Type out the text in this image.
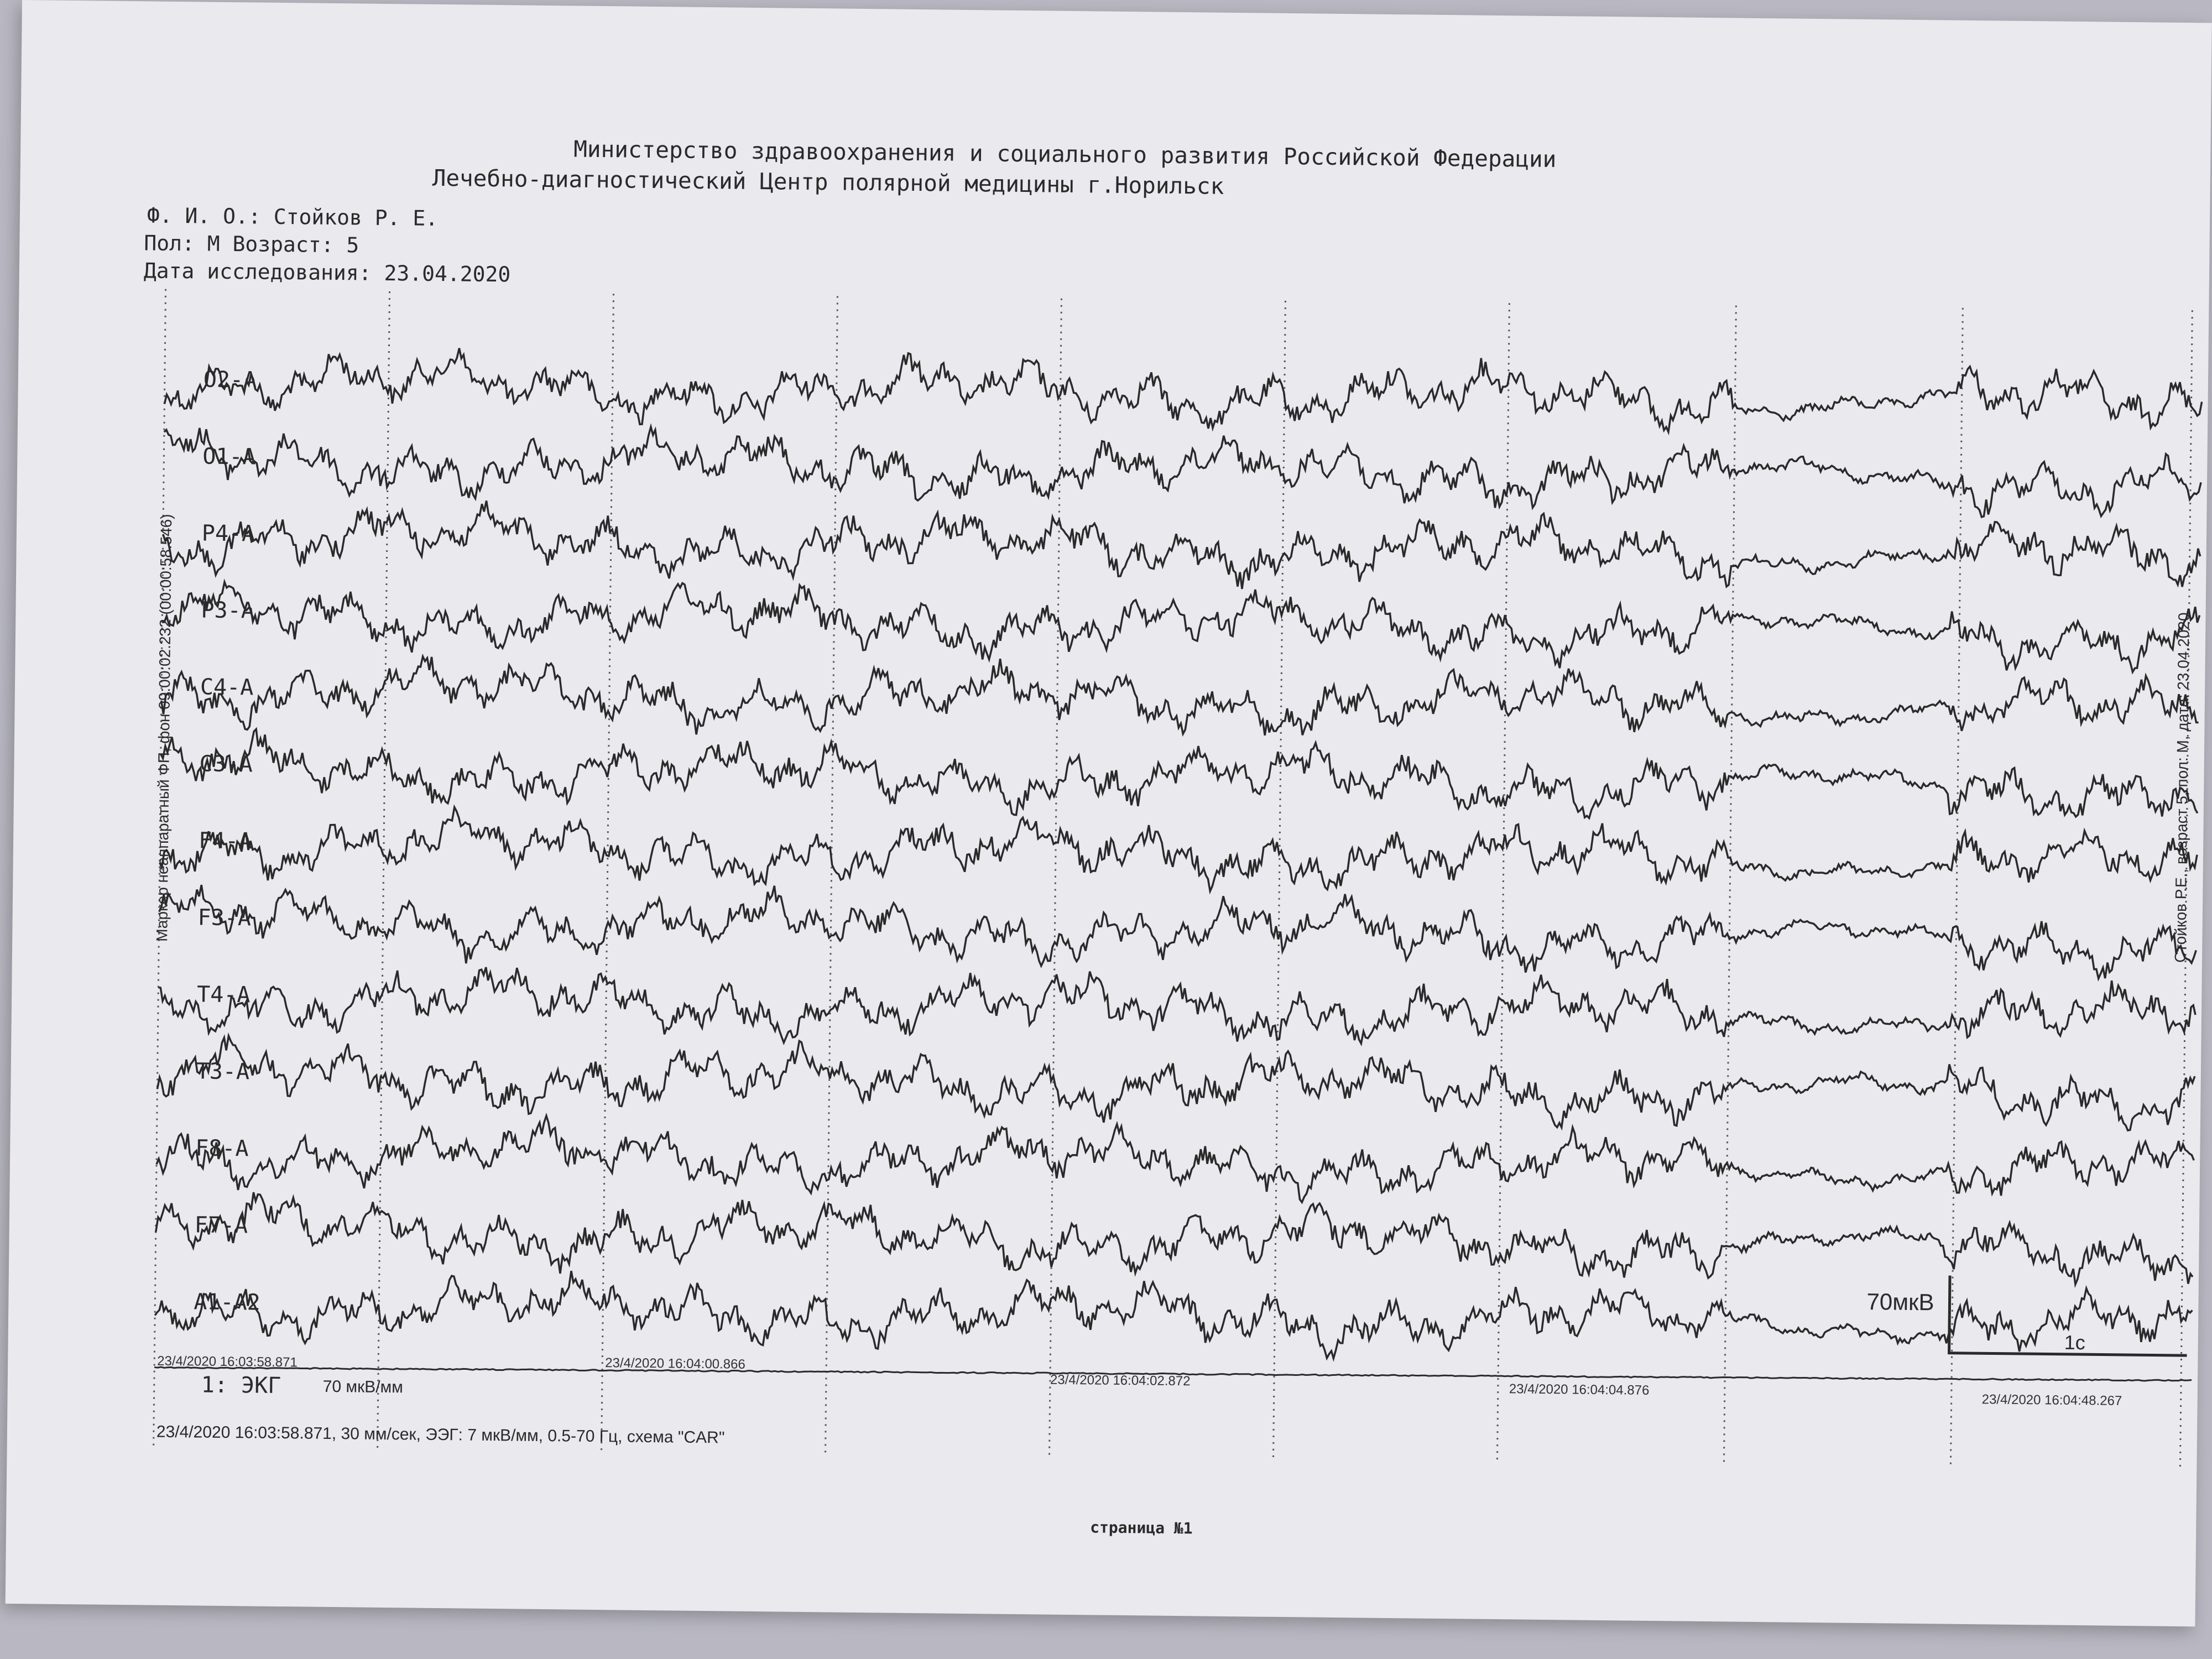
Министерство здравоохранения и социального развития Российской Федерации
Лечебно-диагностический Центр полярной медицины г.Норильск
Ф. И. О.: Стойков Р. Е.
Пол: М Возраст: 5
Дата исследования: 23.04.2020
O2-A
O1-A
P4-A
P3-A
C4-A
C3-A
F4-A
F3-A
T4-A
T3-A
F8-A
F7-A
A1-A2
23/4/2020 16:03:58.871	23/4/2020 16:04:00.866
23/4/2020 16:04:02.872
23/4/2020 16:04:04.876
23/4/2020 16:04:48.267
1: ЭКГ	70 мкВ/мм
70мкВ
1с
23/4/2020 16:03:58.871, 30 мм/сек, ЭЭГ: 7 мкВ/мм, 0.5-70 Гц, схема "CAR"
страница №1
Маркер неаппаратный ФП, фон 09:00:02.232 (00:00:58.546)	Стойков Р.Е., возраст 5, пол: М, дата: 23.04.2020
